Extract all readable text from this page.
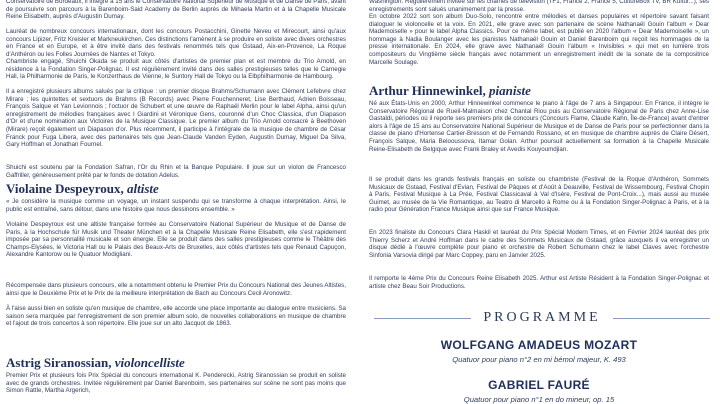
Conservatoire de Bordeaux, il intègre à 15 ans le Conservatoire National Supérieur de Musique et de Danse de Paris, avant de poursuivre son parcours à la Barenboim-Said Academy de Berlin auprès de Mihaela Martin et à la Chapelle Musicale Reine Elisabeth, auprès d'Augustin Dumay.

Lauréat de nombreux concours internationaux, dont les concours Postacchini, Ginette Neveu et Mirecourt, ainsi qu'aux concours Lipizer, Fritz Kreisler et Markneukirchen. Ces distinctions l'amènent à se produire en soliste avec divers orchestres en France et en Europe, et à être invité dans des festivals renommés tels que Gstaad, Aix-en-Provence, La Roque d'Anthéron ou les Folles Journées de Nantes et Tokyo.

Chambriste engagé, Shuichi Okada se produit aux côtés d'artistes de premier plan et est membre du Trio Arnold, en résidence à la Fondation Singer-Polignac. Il est régulièrement invité dans des salles prestigieuses telles que le Carnegie Hall, la Philharmonie de Paris, le Konzerthaus de Vienne, le Suntory Hall de Tokyo ou la Elbphilharmonie de Hambourg.

Il a enregistré plusieurs albums salués par la critique : un premier disque Brahms/Schumann avec Clément Lefebvre chez Mirare ; les quintettes et sextuors de Brahms (B Records) avec Pierre Fouchenneret, Lise Berthaud, Adrien Boisseau, François Salque et Yan Levionnois ; l'octuor de Schubert et une œuvre de Raphaël Merlin pour le label Alpha, ainsi qu'un enregistrement de mélodies françaises avec I Giardini et Véronique Gens, couronné d'un Choc Classica, d'un Diapason d'Or et d'une nomination aux Victoires de la Musique Classique. Le premier album du Trio Arnold consacré à Beethoven (Mirare) reçoit également un Diapason d'or. Plus récemment, il participe à l'intégrale de la musique de chambre de César Franck pour Fuga Libera, avec des partenaires tels que Jean-Claude Vanden Eyden, Augustin Dumay, Miguel Da Silva, Gary Hoffman et Jonathan Fournel.

Shuichi est soutenu par la Fondation Safran, l'Or du Rhin et la Banque Populaire. Il joue sur un violon de Francesco Gaffriller, généreusement prêté par le fonds de dotation Adelus.

Violaine Despeyroux, altiste

« Je considère la musique comme un voyage, un instant suspendu qui se transforme à chaque interprétation. Ainsi, le public est entraîné, sans détour, dans une histoire que nous dessinons ensemble. »

Violaine Despeyroux est une altiste française formée au Conservatoire National Supérieur de Musique et de Danse de Paris, à la Hochschule für Musik und Theater München et à la Chapelle Musicale Reine Elisabeth, elle s'est rapidement imposée par sa personnalité musicale et son énergie. Elle se produit dans des salles prestigieuses comme le Théâtre des Champs-Elysées, le Victoria Hall ou le Palais des Beaux-Arts de Bruxelles, aux côtés d'artistes tels que Renaud Capuçon, Alexandre Kantorow ou le Quatuor Modigliani.

Récompensée dans plusieurs concours, elle a notamment obtenu le Premier Prix du Concours National des Jeunes Altistes, ainsi que le Deuxième Prix et le Prix de la meilleure interprétation de Bach au Concours Cecil Aronowitz.

À l'aise aussi bien en soliste qu'en musique de chambre, elle accorde une place importante au dialogue entre musiciens. Sa saison sera marquée par l'enregistrement de son premier album solo, de nouvelles collaborations en musique de chambre et l'ajout de trois concertos à son répertoire. Elle joue sur un alto Jacquot de 1863.

Astrig Siranossian, violoncelliste

Premier Prix et plusieurs fois Prix Spécial du concours international K. Penderecki, Astrig Siranossian se produit en soliste avec de grands orchestres. Invitée régulièrement par Daniel Barenboim, ses partenaires sur scène ne sont pas moins que Simon Rattle, Martha Argerich,

Washington. Régulièrement invitée sur les chaînes de télévision (TF1, France 2, France 5, CultureBox TV, BR Kultur...), ses enregistrements sont salués unanimement par la presse.

En octobre 2022 sort son album Duo-Solo, rencontre entre mélodies et danses populaires et répertoire savant faisant dialoguer le violoncelle et la voix. En 2021, elle grave avec son partenaire de scène Nathanaël Gouin l'album « Dear Mademoiselle » pour le label Alpha Classics. Pour ce même label, est publié en 2020 l'album « Dear Mademoiselle », un hommage à Nadia Boulanger avec les pianistes Nathanaël Gouin et Daniel Barenboim qui reçoit les hommages de la presse internationale. En 2024, elle grave avec Nathanaël Gouin l'album « Invisibles » qui met en lumière trois compositeurs du Vingtième siècle français avec notamment un enregistrement inédit de la sonate de la compositrice Marcelle Soulage.

Arthur Hinnewinkel, pianiste

Né aux États-Unis en 2000, Arthur Hinnewinkel commence le piano à l'âge de 7 ans à Singapour. En France, il intègre le Conservatoire Régional de Rueil-Malmaison chez Chantal Riou puis au Conservatoire Régional de Paris chez Anne-Lise Gastaldi, périodes où il reporte ses premiers prix de concours (Concours Flame, Claude Kahn, Île-de-France) avant d'entrer alors à l'âge de 15 ans au Conservatoire National Supérieur de Musique et de Danse de Paris pour se perfectionner dans la classe de piano d'Hortense Cartier-Bresson et de Fernando Rossano, et en musique de chambre auprès de Claire Désert, François Salque, Maria Belooussova, Itamar Golan. Arthur poursuit actuellement sa formation à la Chapelle Musicale Reine-Elisabeth de Belgique avec Frank Braley et Avedis Kouyoumdjian.

Il se produit dans les grands festivals français en soliste ou chambriste (Festival de la Roque d'Anthéron, Sommets Musicaux de Gstaad, Festival d'Evian, Festival de Pâques et d'Août à Deauville, Festival de Wissembourg, Festival Chopin à Paris, Festival Musique à La Prée, Festival Classicaval à Val d'Isère, Festival de Pont-Croix...), mais aussi au musée Guimet, au musée de la Vie Romantique, au Teatro di Marcello à Rome ou à la Fondation Singer-Polignac à Paris, et à la radio pour Génération France Musique ainsi que sur France Musique.

En 2023 finaliste du Concours Clara Haskil et lauréat du Prix Spécial Modern Times, et en Février 2024 lauréat des prix Thierry Scherz et André Hoffman dans le cadre des Sommets Musicaux de Gstaad, grâce auxquels il va enregistrer un disque dédié à l'œuvre complète pour piano et orchestre de Robert Schumann chez le label Claves avec l'orchestre Sinfonia Varsovia dirigé par Marc Coppey, paru en Janvier 2025.

Il remporte le 4ème Prix du Concours Reine Elisabeth 2025. Arthur est Artiste Résident à la Fondation Singer-Polignac et artiste chez Beau Soir Productions.

PROGRAMME
WOLFGANG AMADEUS MOZART
Quatuor pour piano n°2 en mi bémol majeur, K. 493
GABRIEL FAURÉ
Quatuor pour piano n°1 en do mineur, op. 15
